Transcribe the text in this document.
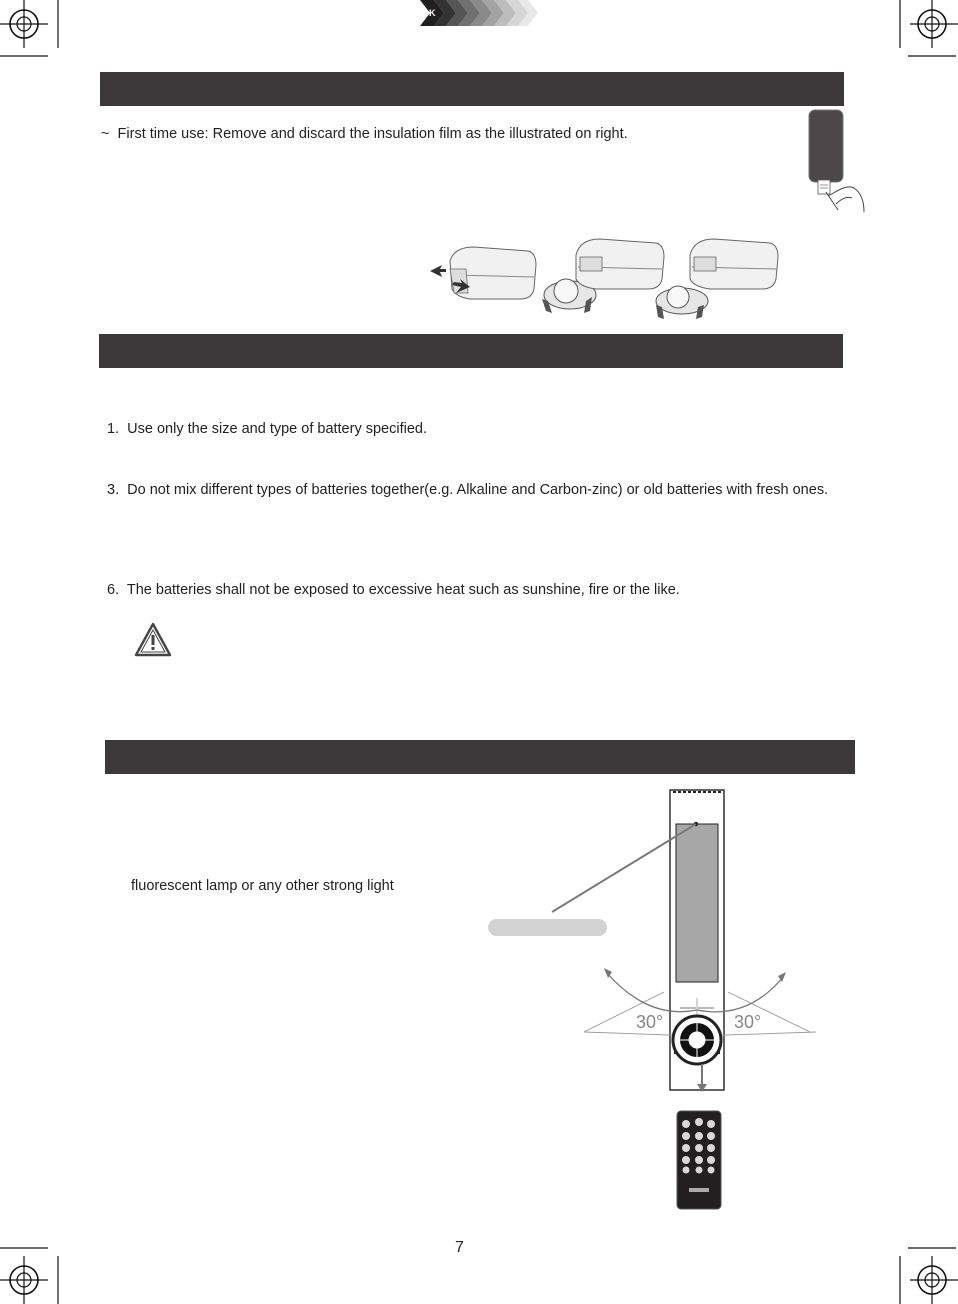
K
~ First time use: Remove and discard the insulation film as the illustrated on right.
1. Use only the size and type of battery specified.
3. Do not mix different types of batteries together(e.g. Alkaline and Carbon-zinc) or old batteries with fresh ones.
6. The batteries shall not be exposed to excessive heat such as sunshine, fire or the like.
fluorescent lamp or any other strong light
30°	30°
7
